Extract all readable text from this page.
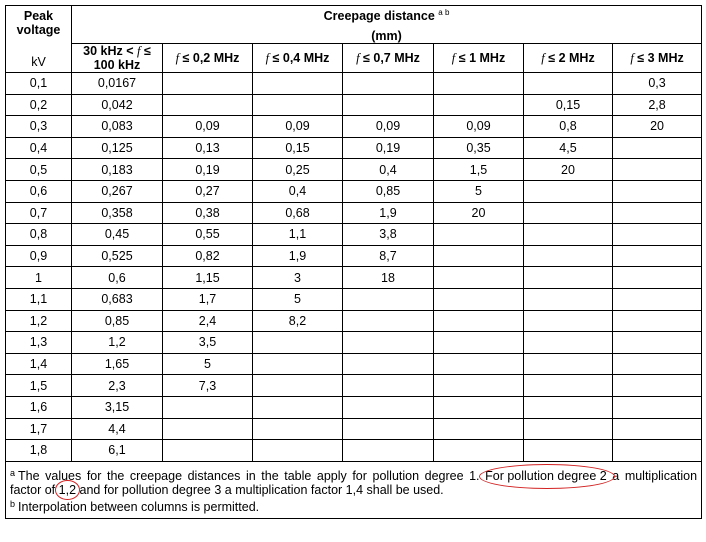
Peak
voltage
kV	Creepage distance $^{a b}$
(mm)						

	30 kHz < f ≤ 100 kHz	f ≤ 0,2 MHz	f ≤ 0,4 MHz	f ≤ 0,7 MHz	f ≤ 1 MHz	f ≤ 2 MHz	f ≤ 3 MHz
0,1	0,0167						0,3
0,2	0,042					0,15	2,8
0,3	0,083	0,09	0,09	0,09	0,09	0,8	20
0,4	0,125	0,13	0,15	0,19	0,35	4,5	
0,5	0,183	0,19	0,25	0,4	1,5	20	
0,6	0,267	0,27	0,4	0,85	5		
0,7	0,358	0,38	0,68	1,9	20		
0,8	0,45	0,55	1,1	3,8			
0,9	0,525	0,82	1,9	8,7			
1	0,6	1,15	3	18			
1,1	0,683	1,7	5				
1,2	0,85	2,4	8,2				
1,3	1,2	3,5					
1,4	1,65	5					
1,5	2,3	7,3					
1,6	3,15						
1,7	4,4						
1,8	6,1						

$^a$ The values for the creepage distances in the table apply for pollution degree 1. For pollution degree 2 a multiplication factor of 1,2 and for pollution degree 3 a multiplication factor 1,4 shall be used.

$^b$ Interpolation between columns is permitted.							
